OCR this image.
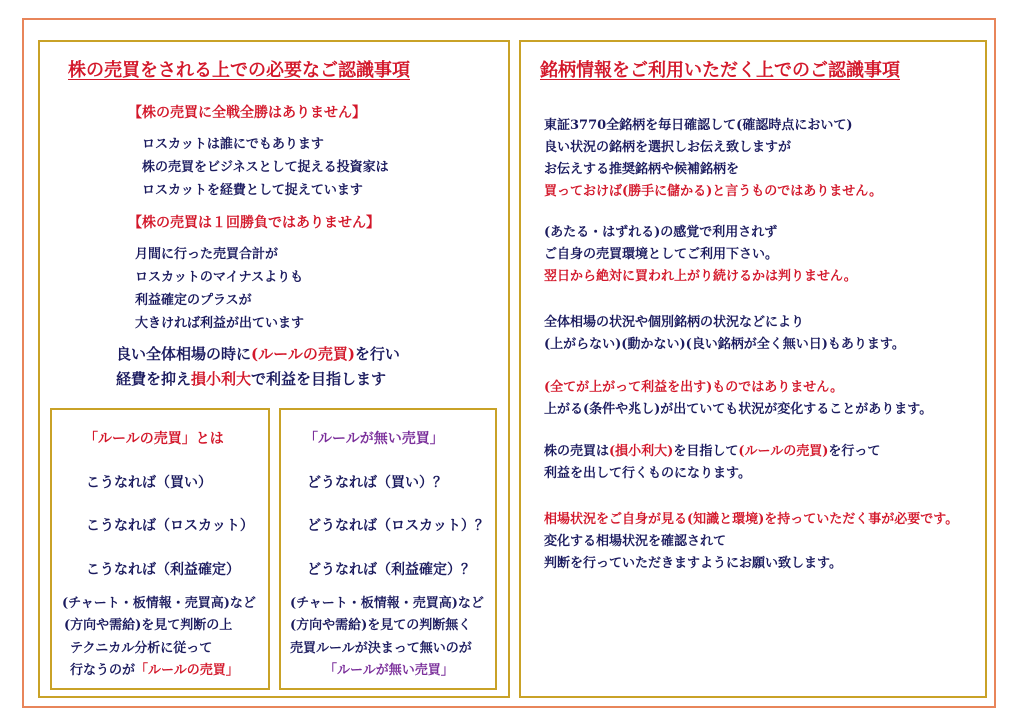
株の売買をされる上での必要なご認識事項
【株の売買に全戦全勝はありません】
ロスカットは誰にでもあります
株の売買をビジネスとして捉える投資家は
ロスカットを経費として捉えています
【株の売買は１回勝負ではありません】
月間に行った売買合計が
ロスカットのマイナスよりも
利益確定のプラスが
大きければ利益が出ています
良い全体相場の時に(ルールの売買)を行い
経費を抑え損小利大で利益を目指します
「ルールの売買」とは
こうなれば（買い）
こうなれば（ロスカット）
こうなれば（利益確定）
(チャート・板情報・売買高)など
(方向や需給)を見て判断の上
テクニカル分析に従って
行なうのが「ルールの売買」
「ルールが無い売買」
どうなれば（買い）？
どうなれば（ロスカット）？
どうなれば（利益確定）？
(チャート・板情報・売買高)など
(方向や需給)を見ての判断無く
売買ルールが決まって無いのが
「ルールが無い売買」
銘柄情報をご利用いただく上でのご認識事項
東証3770全銘柄を毎日確認して(確認時点において)
良い状況の銘柄を選択しお伝え致しますが
お伝えする推奨銘柄や候補銘柄を
買っておけば(勝手に儲かる)と言うものではありません。
(あたる・はずれる)の感覚で利用されず
ご自身の売買環境としてご利用下さい。
翌日から絶対に買われ上がり続けるかは判りません。
全体相場の状況や個別銘柄の状況などにより
(上がらない)(動かない)(良い銘柄が全く無い日)もあります。
(全てが上がって利益を出す)ものではありません。
上がる(条件や兆し)が出ていても状況が変化することがあります。
株の売買は(損小利大)を目指して(ルールの売買)を行って
利益を出して行くものになります。
相場状況をご自身が見る(知識と環境)を持っていただく事が必要です。
変化する相場状況を確認されて
判断を行っていただきますようにお願い致します。
